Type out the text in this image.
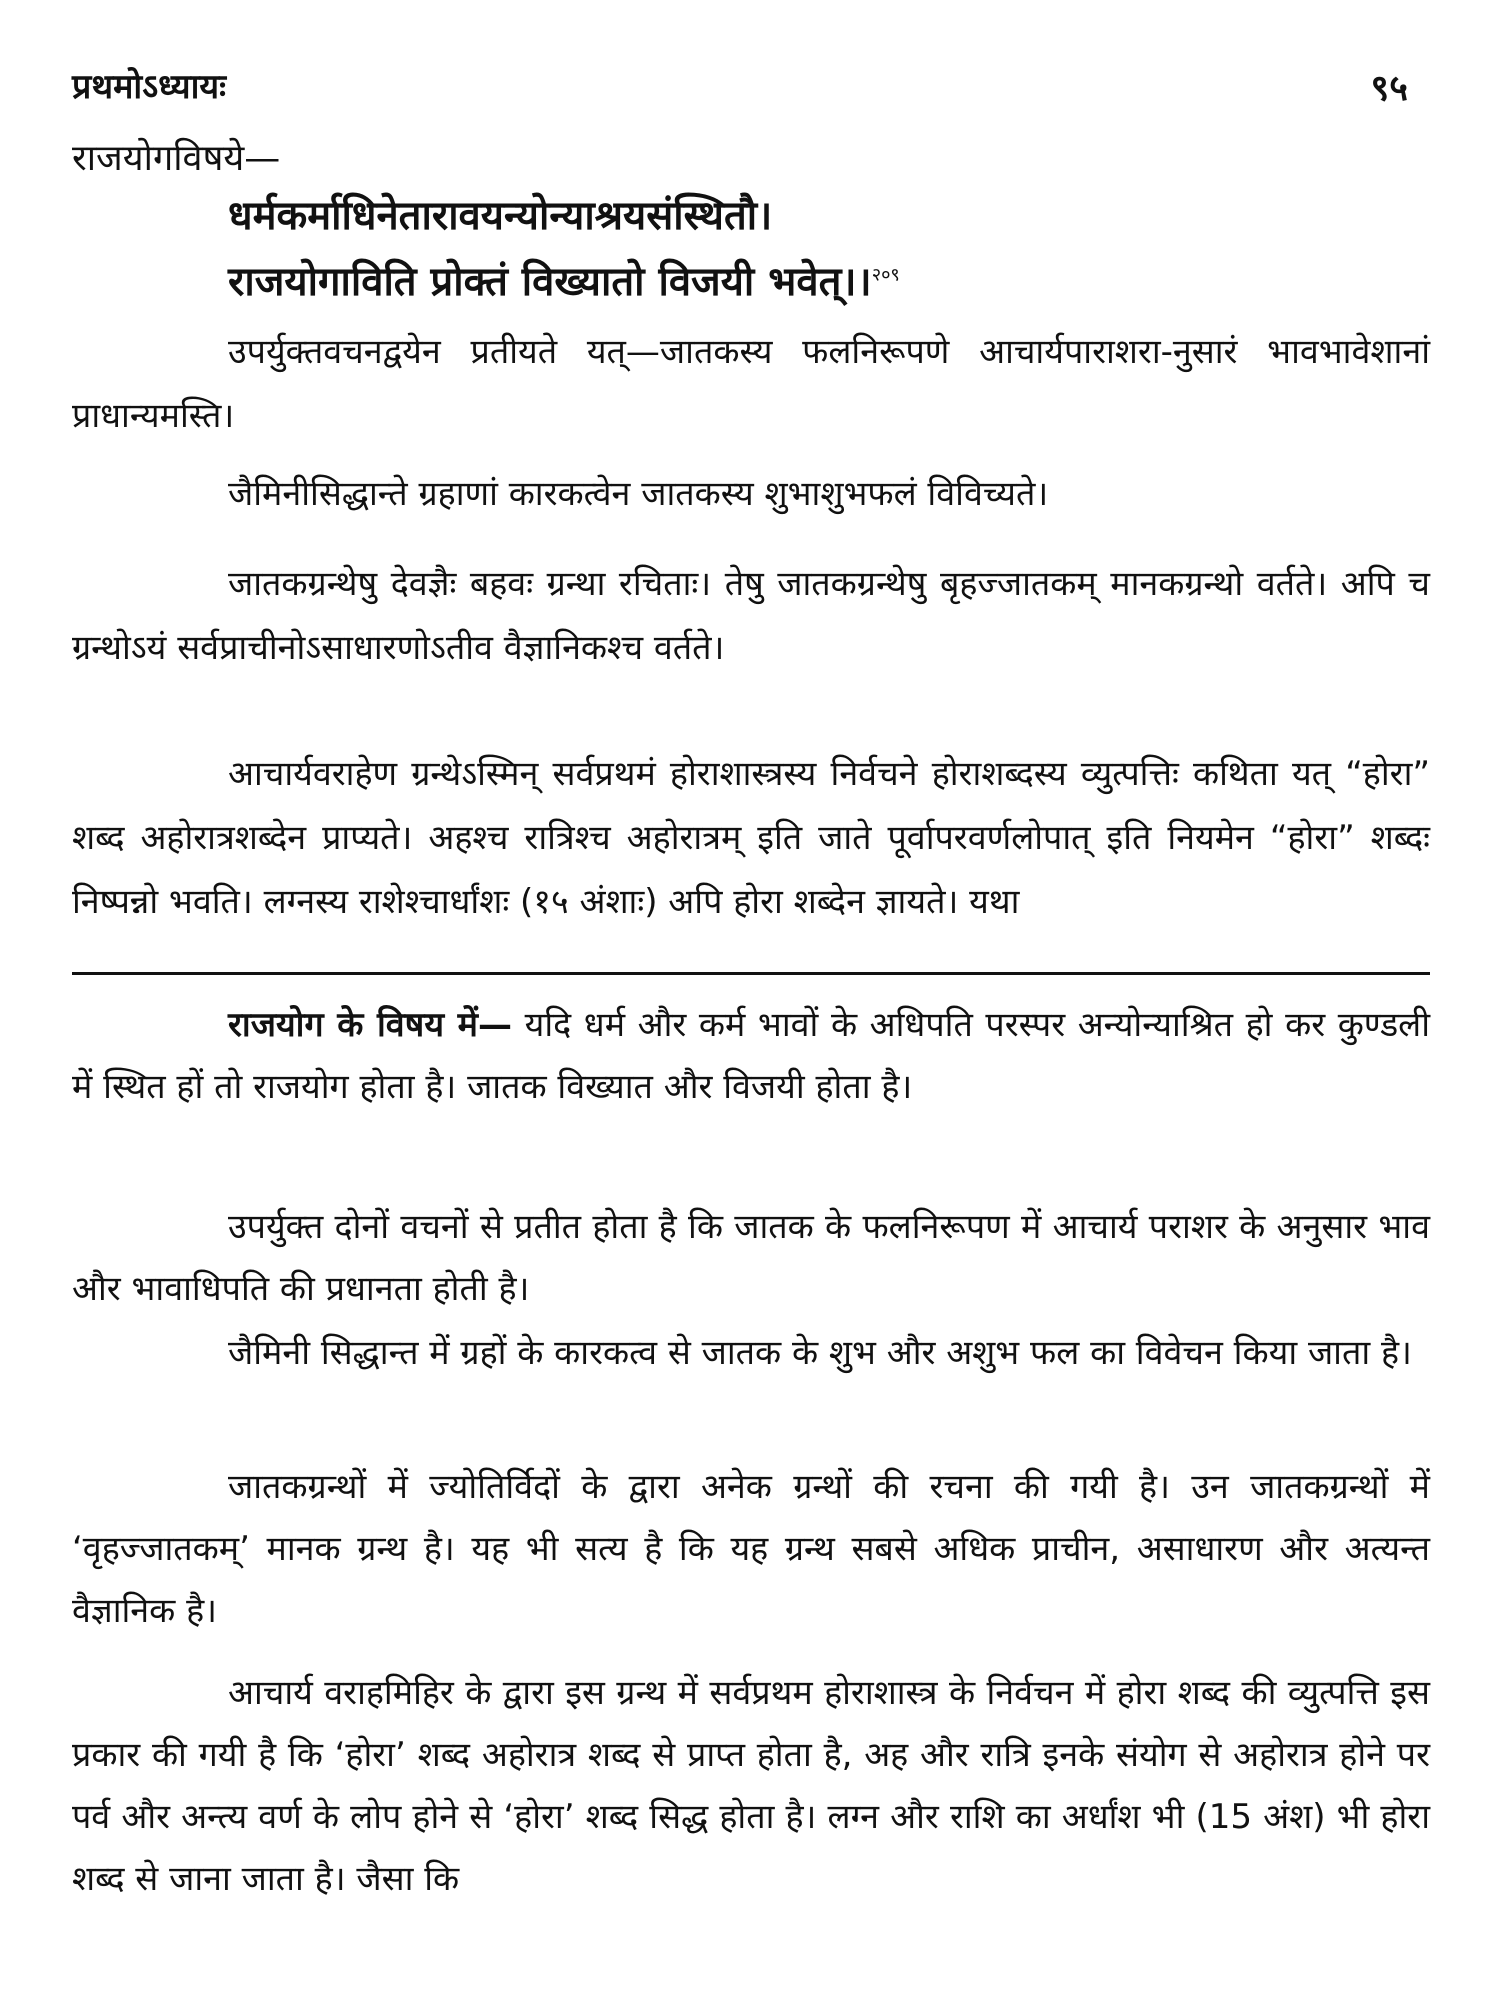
प्रथमोऽध्यायः	९५
राजयोगविषये—
धर्मकर्माधिनेतारावयन्योन्याश्रयसंस्थितौ।
राजयोगाविति प्रोक्तं विख्यातो विजयी भवेत्।।$^{२०९}$

उपर्युक्तवचनद्वयेन प्रतीयते यत्—जातकस्य फलनिरूपणे आचार्यपाराशरा-नुसारं भावभावेशानां प्राधान्यमस्ति।

जैमिनीसिद्धान्ते ग्रहाणां कारकत्वेन जातकस्य शुभाशुभफलं विविच्यते।

जातकग्रन्थेषु देवज्ञैः बहवः ग्रन्था रचिताः। तेषु जातकग्रन्थेषु बृहज्जातकम् मानकग्रन्थो वर्तते। अपि च ग्रन्थोऽयं सर्वप्राचीनोऽसाधारणोऽतीव वैज्ञानिकश्च वर्तते।

आचार्यवराहेण ग्रन्थेऽस्मिन् सर्वप्रथमं होराशास्त्रस्य निर्वचने होराशब्दस्य व्युत्पत्तिः कथिता यत् “होरा” शब्द अहोरात्रशब्देन प्राप्यते। अहश्च रात्रिश्च अहोरात्रम् इति जाते पूर्वापरवर्णलोपात् इति नियमेन “होरा” शब्दः निष्पन्नो भवति। लग्नस्य राशेश्चार्धांशः (१५ अंशाः) अपि होरा शब्देन ज्ञायते। यथा

राजयोग के विषय में— यदि धर्म और कर्म भावों के अधिपति परस्पर अन्योन्याश्रित हो कर कुण्डली में स्थित हों तो राजयोग होता है। जातक विख्यात और विजयी होता है।

उपर्युक्त दोनों वचनों से प्रतीत होता है कि जातक के फलनिरूपण में आचार्य पराशर के अनुसार भाव और भावाधिपति की प्रधानता होती है।

जैमिनी सिद्धान्त में ग्रहों के कारकत्व से जातक के शुभ और अशुभ फल का विवेचन किया जाता है।

जातकग्रन्थों में ज्योतिर्विदों के द्वारा अनेक ग्रन्थों की रचना की गयी है। उन जातकग्रन्थों में ‘वृहज्जातकम्’ मानक ग्रन्थ है। यह भी सत्य है कि यह ग्रन्थ सबसे अधिक प्राचीन, असाधारण और अत्यन्त वैज्ञानिक है।

आचार्य वराहमिहिर के द्वारा इस ग्रन्थ में सर्वप्रथम होराशास्त्र के निर्वचन में होरा शब्द की व्युत्पत्ति इस प्रकार की गयी है कि ‘होरा’ शब्द अहोरात्र शब्द से प्राप्त होता है, अह और रात्रि इनके संयोग से अहोरात्र होने पर पर्व और अन्त्य वर्ण के लोप होने से ‘होरा’ शब्द सिद्ध होता है। लग्न और राशि का अर्धांश भी (15 अंश) भी होरा शब्द से जाना जाता है। जैसा कि
